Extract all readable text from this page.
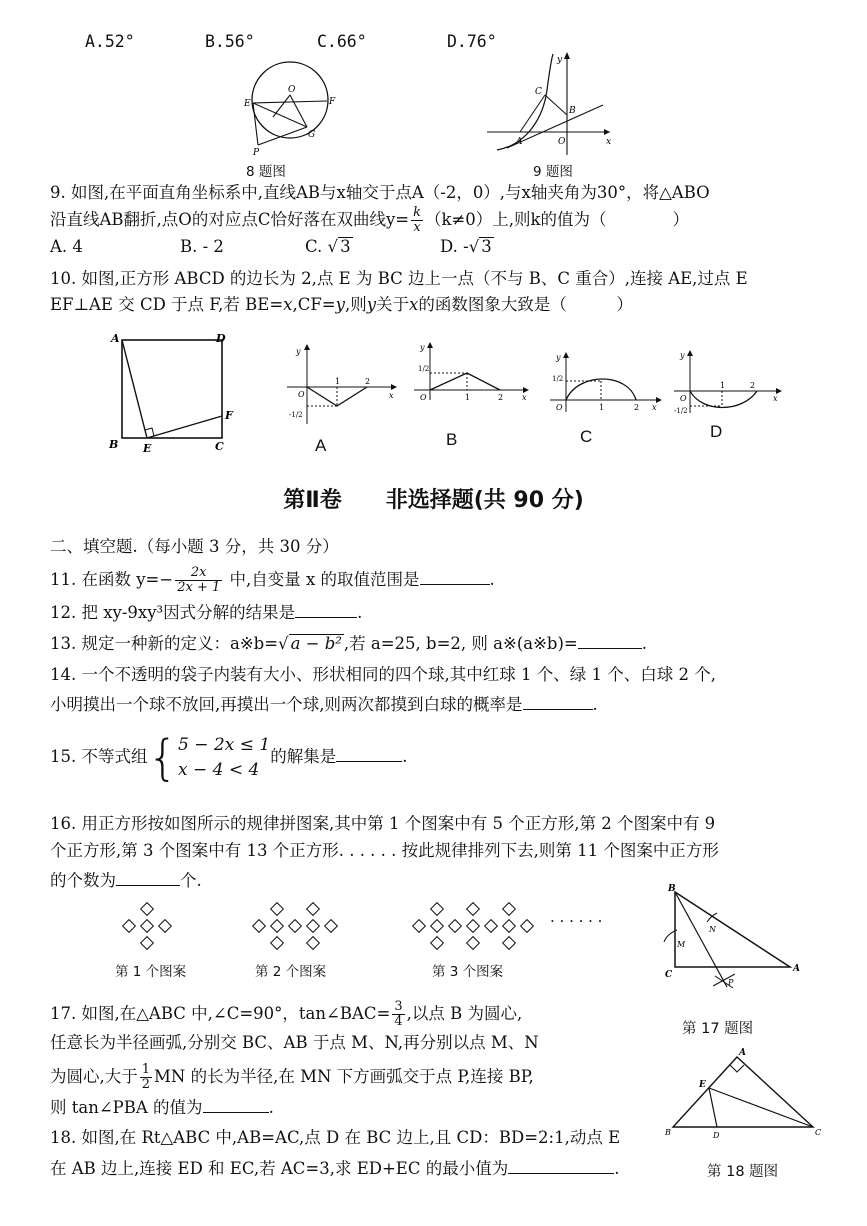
A.52°	B.56°	C.66°	D.76°
O
E	F
G
P
8 题图
y
C
B
A	O	x
9 题图
9. 如图,在平面直角坐标系中,直线AB与x轴交于点A（-2，0）,与x轴夹角为30°，将△ABO
沿直线AB翻折,点O的对应点C恰好落在双曲线$y= \frac{k}{x} (k\ne 0)$上,则k的值为（　　　　）
A. 4	B. - 2	C. √ 3	D. -√ 3
10. 如图,正方形 ABCD 的边长为 2,点 E 为 BC 边上一点（不与 B、C 重合）,连接 AE,过点 E
EF⊥AE 交 CD 于点 F,若 BE=x,CF=y,则y关于x的函数图象大致是（　　　）
A	D
B E	C
F
y
O
1	2
x
-1/2
y
O	1	2 x
1/2
y
O	1	2 x
1/2
y
O
1	2
x
-1/2
A	B	C	D
第Ⅱ卷　　非选择题(共 90 分)
二、填空题.（每小题 3 分，共 30 分）
11. 在函数 $y=- \frac{2x}{2x + 1}$ 中,自变量 x 的取值范围是	.
12. 把 xy-9xy³因式分解的结果是	.
13. 规定一种新的定义：a※b=√ a − b² ,若 a=25, b=2, 则 a※(a※b)=	.
14. 一个不透明的袋子内装有大小、形状相同的四个球,其中红球 1 个、绿 1 个、白球 2 个,
小明摸出一个球不放回,再摸出一个球,则两次都摸到白球的概率是	.
15. 不等式组{ 5 − 2x ≤ 1
x − 4 < 4
的解集是	.
16. 用正方形按如图所示的规律拼图案,其中第 1 个图案中有 5 个正方形,第 2 个图案中有 9
个正方形,第 3 个图案中有 13 个正方形. . . . . . 按此规律排列下去,则第 11 个图案中正方形
的个数为	个.
· · · · · ·
第 1 个图案	第 2 个图案	第 3 个图案
B
N
M
C
A
P
第 17 题图
17. 如图,在△ABC 中,∠C=90°，tan∠BAC= $\frac{3}{4}$ ,以点 B 为圆心,
任意长为半径画弧,分别交 BC、AB 于点 M、N,再分别以点 M、N
为圆心,大于 $\frac{1}{2}$ MN 的长为半径,在 MN 下方画弧交于点 P,连接 BP,
则 tan∠PBA 的值为	.
A
E
B	D	C
第 18 题图
18. 如图,在 Rt△ABC 中,AB=AC,点 D 在 BC 边上,且 CD：BD=2:1,动点 E
在 AB 边上,连接 ED 和 EC,若 AC=3,求 ED+EC 的最小值为	.
